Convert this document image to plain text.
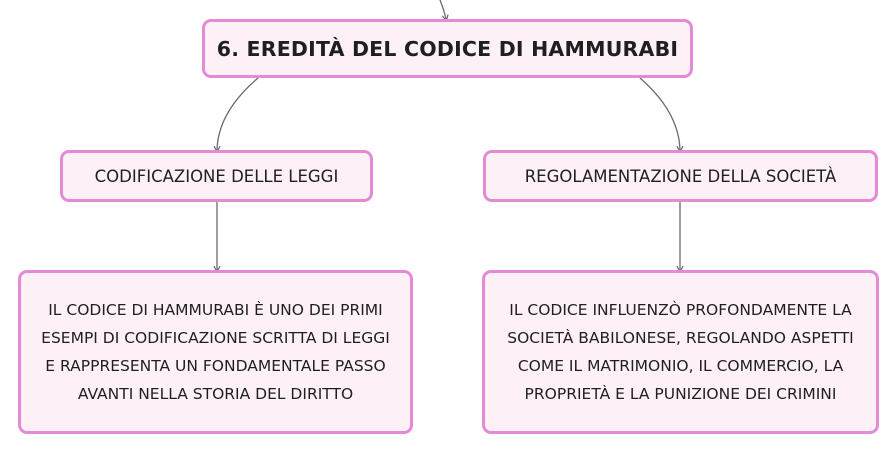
6. EREDITÀ DEL CODICE DI HAMMURABI
CODIFICAZIONE DELLE LEGGI	REGOLAMENTAZIONE DELLA SOCIETÀ
IL CODICE DI HAMMURABI È UNO DEI PRIMI ESEMPI DI CODIFICAZIONE SCRITTA DI LEGGI E RAPPRESENTA UN FONDAMENTALE PASSO AVANTI NELLA STORIA DEL DIRITTO
IL CODICE INFLUENZÒ PROFONDAMENTE LA SOCIETÀ BABILONESE, REGOLANDO ASPETTI COME IL MATRIMONIO, IL COMMERCIO, LA PROPRIETÀ E LA PUNIZIONE DEI CRIMINI
